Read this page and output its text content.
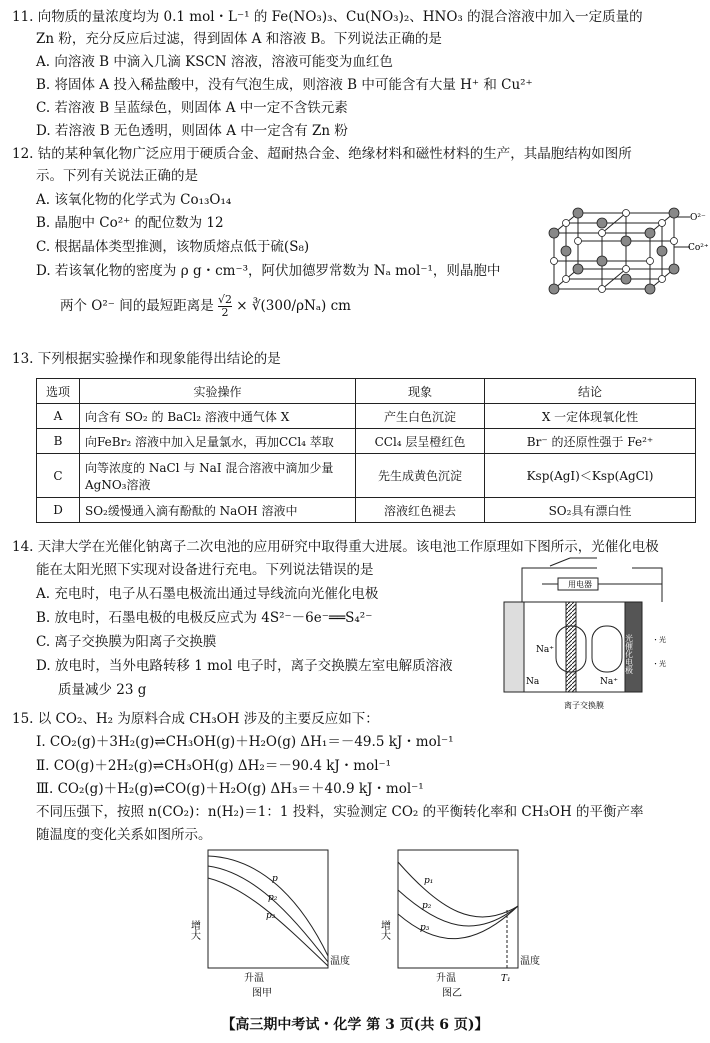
11. 向物质的量浓度均为 0.1 mol・L⁻¹ 的 Fe(NO₃)₃、Cu(NO₃)₂、HNO₃ 的混合溶液中加入一定质量的
Zn 粉，充分反应后过滤，得到固体 A 和溶液 B。下列说法正确的是
A. 向溶液 B 中滴入几滴 KSCN 溶液，溶液可能变为血红色
B. 将固体 A 投入稀盐酸中，没有气泡生成，则溶液 B 中可能含有大量 H⁺ 和 Cu²⁺
C. 若溶液 B 呈蓝绿色，则固体 A 中一定不含铁元素
D. 若溶液 B 无色透明，则固体 A 中一定含有 Zn 粉
12. 钴的某种氧化物广泛应用于硬质合金、超耐热合金、绝缘材料和磁性材料的生产，其晶胞结构如图所
示。下列有关说法正确的是
A. 该氧化物的化学式为 Co₁₃O₁₄
B. 晶胞中 Co²⁺ 的配位数为 12
C. 根据晶体类型推测，该物质熔点低于硫(S₈)
D. 若该氧化物的密度为 ρ g・cm⁻³，阿伏加德罗常数为 Nₐ mol⁻¹，则晶胞中
两个 O²⁻ 间的最短距离是 $\frac{√2}{2}$ × ∛(300/ρNₐ) cm
O²⁻
Co²⁺
13. 下列根据实验操作和现象能得出结论的是
选项	实验操作	现象	结论
A	向含有 SO₂ 的 BaCl₂ 溶液中通气体 X	产生白色沉淀	X 一定体现氧化性
B	向FeBr₂ 溶液中加入足量氯水，再加CCl₄ 萃取	CCl₄ 层呈橙红色	Br⁻ 的还原性强于 Fe²⁺
C	向等浓度的 NaCl 与 NaI 混合溶液中滴加少量 AgNO₃溶液	先生成黄色沉淀	Ksp(AgI)＜Ksp(AgCl)
D	SO₂缓慢通入滴有酚酞的 NaOH 溶液中	溶液红色褪去	SO₂具有漂白性
14. 天津大学在光催化钠离子二次电池的应用研究中取得重大进展。该电池工作原理如下图所示，光催化电极
能在太阳光照下实现对设备进行充电。下列说法错误的是
A. 充电时，电子从石墨电极流出通过导线流向光催化电极
B. 放电时，石墨电极的电极反应式为 4S²⁻－6e⁻══S₄²⁻
C. 离子交换膜为阳离子交换膜
D. 放电时，当外电路转移 1 mol 电子时，离子交换膜左室电解质溶液
质量减少 23 g
用电器
Na	Na⁺
Na⁺
离子交换膜
光催化电极	・光
・光
15. 以 CO₂、H₂ 为原料合成 CH₃OH 涉及的主要反应如下：
Ⅰ. CO₂(g)＋3H₂(g)⇌CH₃OH(g)＋H₂O(g) ΔH₁＝－49.5 kJ・mol⁻¹
Ⅱ. CO(g)＋2H₂(g)⇌CH₃OH(g) ΔH₂＝－90.4 kJ・mol⁻¹
Ⅲ. CO₂(g)＋H₂(g)⇌CO(g)＋H₂O(g) ΔH₃＝＋40.9 kJ・mol⁻¹
不同压强下，按照 n(CO₂)：n(H₂)＝1：1 投料，实验测定 CO₂ 的平衡转化率和 CH₃OH 的平衡产率
随温度的变化关系如图所示。
p
p₂
p₃
增大
升温
温度
图甲
p₁
p₂
p₃
增大
升温
温度
T₁
图乙
【高三期中考试・化学 第 3 页(共 6 页)】
